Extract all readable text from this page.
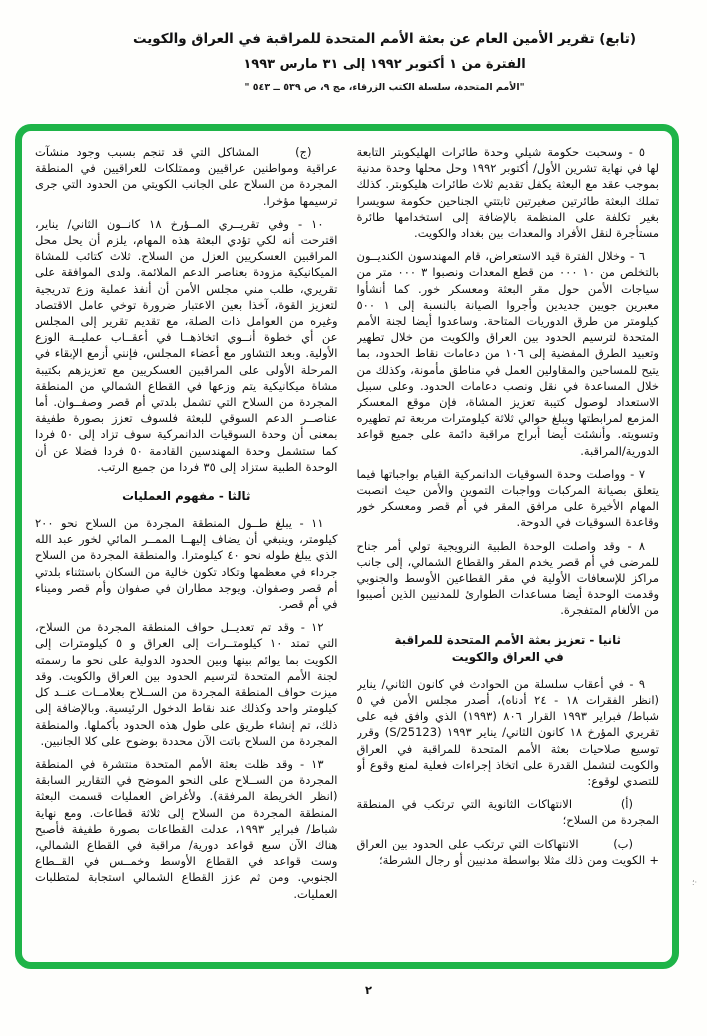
(تابع) تقرير الأمين العام عن بعثة الأمم المتحدة للمراقبة في العراق والكويت
الفترة من ١ أكتوبر ١٩٩٢ إلى ٣١ مارس ١٩٩٣
"الأمم المتحدة، سلسلة الكتب الزرقاء، مج ٩، ص ٥٣٩ ــ ٥٤٣ "

٥ - وسحبت حكومة شيلي وحدة طائرات الهليكوبتر التابعة لها في نهاية تشرين الأول/ أكتوبر ١٩٩٢ وحل محلها وحدة مدنية بموجب عقد مع البعثة يكفل تقديم ثلاث طائرات هليكوبتر. كذلك تملك البعثة طائرتين صغيرتين ثابتتي الجناحين حكومة سويسرا بغير تكلفة على المنظمة بالإضافة إلى استخدامها طائرة مستأجرة لنقل الأفراد والمعدات بين بغداد والكويت.

٦ - وخلال الفترة قيد الاستعراض، قام المهندسون الكنديــون بالتخلص من ١٠ ٠٠٠ من قطع المعدات ونصبوا ٣ ٠٠٠ متر من سياجات الأمن حول مقر البعثة ومعسكر خور. كما أنشأوا معبرين جويين جديدين وأجروا الصيانة بالنسبة إلى ١ ٥٠٠ كيلومتر من طرق الدوريات المتاحة. وساعدوا أيضا لجنة الأمم المتحدة لترسيم الحدود بين العراق والكويت من خلال تطهير وتعبيد الطرق المفضية إلى ١٠٦ من دعامات نقاط الحدود، بما يتيح للمساحين والمقاولين العمل في مناطق مأمونة، وكذلك من خلال المساعدة في نقل ونصب دعامات الحدود. وعلى سبيل الاستعداد لوصول كتيبة تعزيز المشاة، فإن موقع المعسكر المزمع لمرابطتها ويبلغ حوالي ثلاثة كيلومترات مربعة تم تطهيره وتسويته. وأنشئت أيضا أبراج مراقبة دائمة على جميع قواعد الدورية/المراقبة.

٧ - وواصلت وحدة السوقيات الدانمركية القيام بواجباتها فيما يتعلق بصيانة المركبات وواجبات التموين والأمن حيث انصبت المهام الأخيرة على مرافق المقر في أم قصر ومعسكر خور وقاعدة السوقيات في الدوحة.

٨ - وقد واصلت الوحدة الطبية النرويجية تولي أمر جناح للمرضى في أم قصر يخدم المقر والقطاع الشمالي، إلى جانب مراكز للإسعافات الأولية في مقر القطاعين الأوسط والجنوبي وقدمت الوحدة أيضا مساعدات الطوارئ للمدنيين الذين أصيبوا من الألغام المتفجرة.

ثانيا - تعزيز بعثة الأمم المتحدة للمراقبة
في العراق والكويت

٩ - في أعقاب سلسلة من الحوادث في كانون الثاني/ يناير (انظر الفقرات ١٨ - ٢٤ أدناه)، أصدر مجلس الأمن في ٥ شباط/ فبراير ١٩٩٣ القرار ٨٠٦ (١٩٩٣) الذي وافق فيه على تقريري المؤرخ ١٨ كانون الثاني/ يناير ١٩٩٣ (S/25123) وقرر توسيع صلاحيات بعثة الأمم المتحدة للمراقبة في العراق والكويت لتشمل القدرة على اتخاذ إجراءات فعلية لمنع وقوع أو للتصدي لوقوع:

(أ)       الانتهاكات الثانوية التي ترتكب في المنطقة المجردة من السلاح؛

(ب)       الانتهاكات التي ترتكب على الحدود بين العراق + الكويت ومن ذلك مثلا بواسطة مدنيين أو رجال الشرطة؛

(ج)     المشاكل التي قد تنجم بسبب وجود منشآت عراقية ومواطنين عراقيين وممتلكات للعراقيين في المنطقة المجردة من السلاح على الجانب الكويتي من الحدود التي جرى ترسيمها مؤخرا.

١٠ - وفي تقريــري المــؤرخ ١٨ كانــون الثاني/ يناير، اقترحت أنه لكي تؤدي البعثة هذه المهام، يلزم أن يحل محل المراقبين العسكريين العزل من السلاح. ثلاث كتائب للمشاة الميكانيكية مزودة بعناصر الدعم الملائمة. ولدى الموافقة على تقريري، طلب مني مجلس الأمن أن أنفذ عملية وزع تدريجية لتعزيز القوة، آخذا بعين الاعتبار ضرورة توخي عامل الاقتصاد وغيره من العوامل ذات الصلة، مع تقديم تقرير إلى المجلس عن أي خطوة أنــوي اتخاذهــا في أعقــاب عمليــة الوزع الأولية. وبعد التشاور مع أعضاء المجلس، فإنني أزمع الإبقاء في المرحلة الأولى على المراقبين العسكريين مع تعزيزهم بكتيبة مشاة ميكانيكية يتم وزعها في القطاع الشمالي من المنطقة المجردة من السلاح التي تشمل بلدتي أم قصر وصفــوان. أما عناصــر الدعم السوقي للبعثة فلسوف تعزز بصورة طفيفة بمعنى أن وحدة السوقيات الدانمركية سوف تزاد إلى ٥٠ فردا كما ستشمل وحدة المهندسين القادمة ٥٠ فردا فضلا عن أن الوحدة الطبية ستزاد إلى ٣٥ فردا من جميع الرتب.

ثالثا - مفهوم العمليات

١١ - يبلغ طــول المنطقة المجردة من السلاح نحو ٢٠٠ كيلومتر، وينبغي أن يضاف إليهــا الممــر المائي لخور عبد الله الذي يبلغ طوله نحو ٤٠ كيلومترا. والمنطقة المجردة من السلاح جرداء في معظمها وتكاد تكون خالية من السكان باستثناء بلدتي أم قصر وصفوان. ويوجد مطاران في صفوان وأم قصر وميناء في أم قصر.

١٢ - وقد تم تعديــل حواف المنطقة المجردة من السلاح، التي تمتد ١٠ كيلومتــرات إلى العراق و ٥ كيلومترات إلى الكويت بما يوائم بينها وبين الحدود الدولية على نحو ما رسمته لجنة الأمم المتحدة لترسيم الحدود بين العراق والكويت. وقد ميزت حواف المنطقة المجردة من الســلاح بعلامــات عنــد كل كيلومتر واحد وكذلك عند نقاط الدخول الرئيسية. وبالإضافة إلى ذلك، تم إنشاء طريق على طول هذه الحدود بأكملها. والمنطقة المجردة من السلاح باتت الآن محددة بوضوح على كلا الجانبين.

١٣ - وقد ظلت بعثة الأمم المتحدة منتشرة في المنطقة المجردة من الســلاح على النحو الموضح في التقارير السابقة (انظر الخريطة المرفقة). ولأغراض العمليات قسمت البعثة المنطقة المجردة من السلاح إلى ثلاثة قطاعات. ومع نهاية شباط/ فبراير ١٩٩٣، عدلت القطاعات بصورة طفيفة فأصبح هناك الآن سبع قواعد دورية/ مراقبة في القطاع الشمالي، وست قواعد في القطاع الأوسط وخمــس في القــطاع الجنوبي. ومن ثم عزز القطاع الشمالي استجابة لمتطلبات العمليات.

؛·
٢
